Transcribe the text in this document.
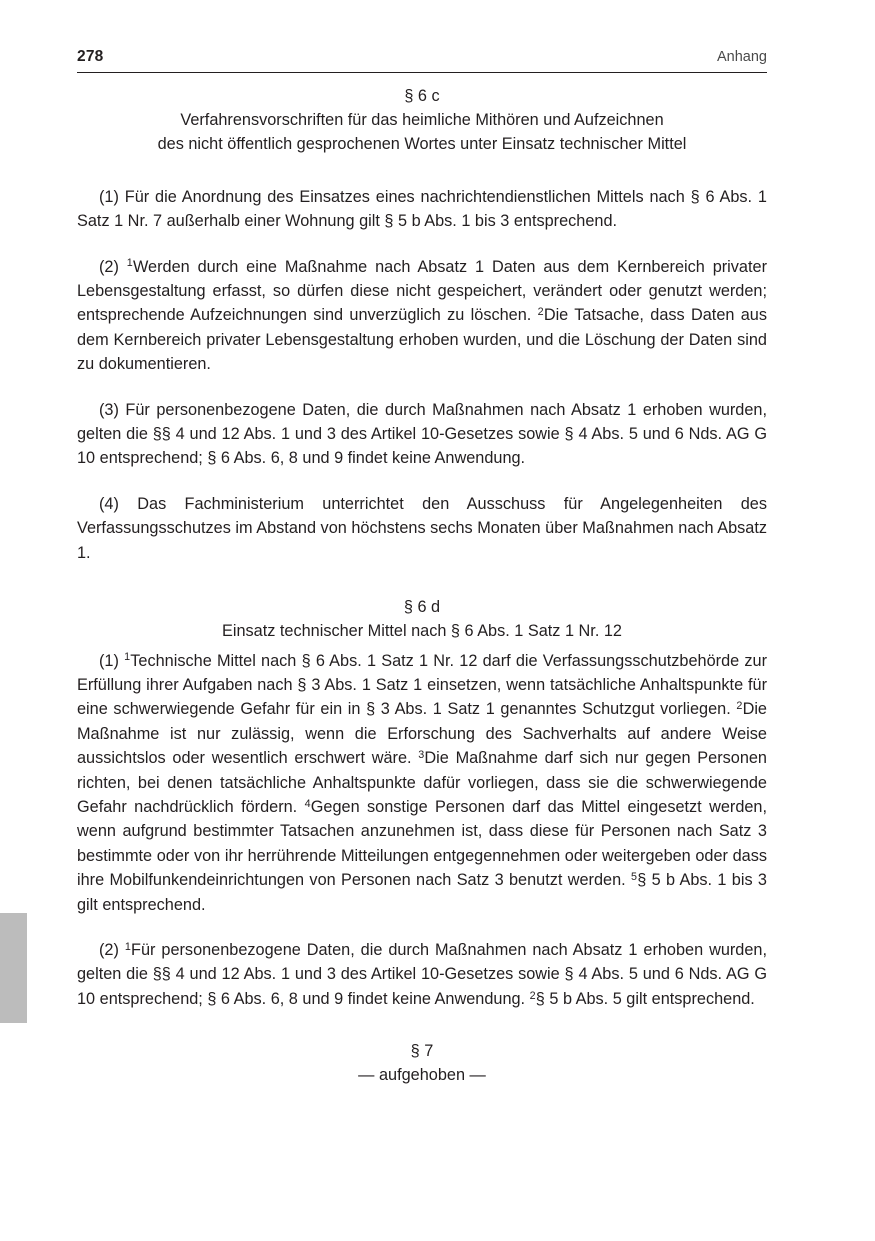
278	Anhang
§ 6 c
Verfahrensvorschriften für das heimliche Mithören und Aufzeichnen
des nicht öffentlich gesprochenen Wortes unter Einsatz technischer Mittel

(1) Für die Anordnung des Einsatzes eines nachrichtendienstlichen Mittels nach § 6 Abs. 1 Satz 1 Nr. 7 außerhalb einer Wohnung gilt § 5 b Abs. 1 bis 3 entsprechend.

(2) $^1$Werden durch eine Maßnahme nach Absatz 1 Daten aus dem Kernbereich privater Lebensgestaltung erfasst, so dürfen diese nicht gespeichert, verändert oder genutzt werden; entsprechende Aufzeichnungen sind unverzüglich zu löschen. $^2$Die Tatsache, dass Daten aus dem Kernbereich privater Lebensgestaltung erhoben wurden, und die Löschung der Daten sind zu dokumentieren.

(3) Für personenbezogene Daten, die durch Maßnahmen nach Absatz 1 erhoben wurden, gelten die §§ 4 und 12 Abs. 1 und 3 des Artikel 10-Gesetzes sowie § 4 Abs. 5 und 6 Nds. AG G 10 entsprechend; § 6 Abs. 6, 8 und 9 findet keine Anwendung.

(4) Das Fachministerium unterrichtet den Ausschuss für Angelegenheiten des Verfassungsschutzes im Abstand von höchstens sechs Monaten über Maßnahmen nach Absatz 1.

§ 6 d
Einsatz technischer Mittel nach § 6 Abs. 1 Satz 1 Nr. 12

(1) $^1$Technische Mittel nach § 6 Abs. 1 Satz 1 Nr. 12 darf die Verfassungsschutzbehörde zur Erfüllung ihrer Aufgaben nach § 3 Abs. 1 Satz 1 einsetzen, wenn tatsächliche Anhaltspunkte für eine schwerwiegende Gefahr für ein in § 3 Abs. 1 Satz 1 genanntes Schutzgut vorliegen. $^2$Die Maßnahme ist nur zulässig, wenn die Erforschung des Sachverhalts auf andere Weise aussichtslos oder wesentlich erschwert wäre. $^3$Die Maßnahme darf sich nur gegen Personen richten, bei denen tatsächliche Anhaltspunkte dafür vorliegen, dass sie die schwerwiegende Gefahr nachdrücklich fördern. $^4$Gegen sonstige Personen darf das Mittel eingesetzt werden, wenn aufgrund bestimmter Tatsachen anzunehmen ist, dass diese für Personen nach Satz 3 bestimmte oder von ihr herrührende Mitteilungen entgegennehmen oder weitergeben oder dass ihre Mobilfunkendeinrichtungen von Personen nach Satz 3 benutzt werden. $^5$§ 5 b Abs. 1 bis 3 gilt entsprechend.

(2) $^1$Für personenbezogene Daten, die durch Maßnahmen nach Absatz 1 erhoben wurden, gelten die §§ 4 und 12 Abs. 1 und 3 des Artikel 10-Gesetzes sowie § 4 Abs. 5 und 6 Nds. AG G 10 entsprechend; § 6 Abs. 6, 8 und 9 findet keine Anwendung. $^2$§ 5 b Abs. 5 gilt entsprechend.

§ 7
— aufgehoben —
